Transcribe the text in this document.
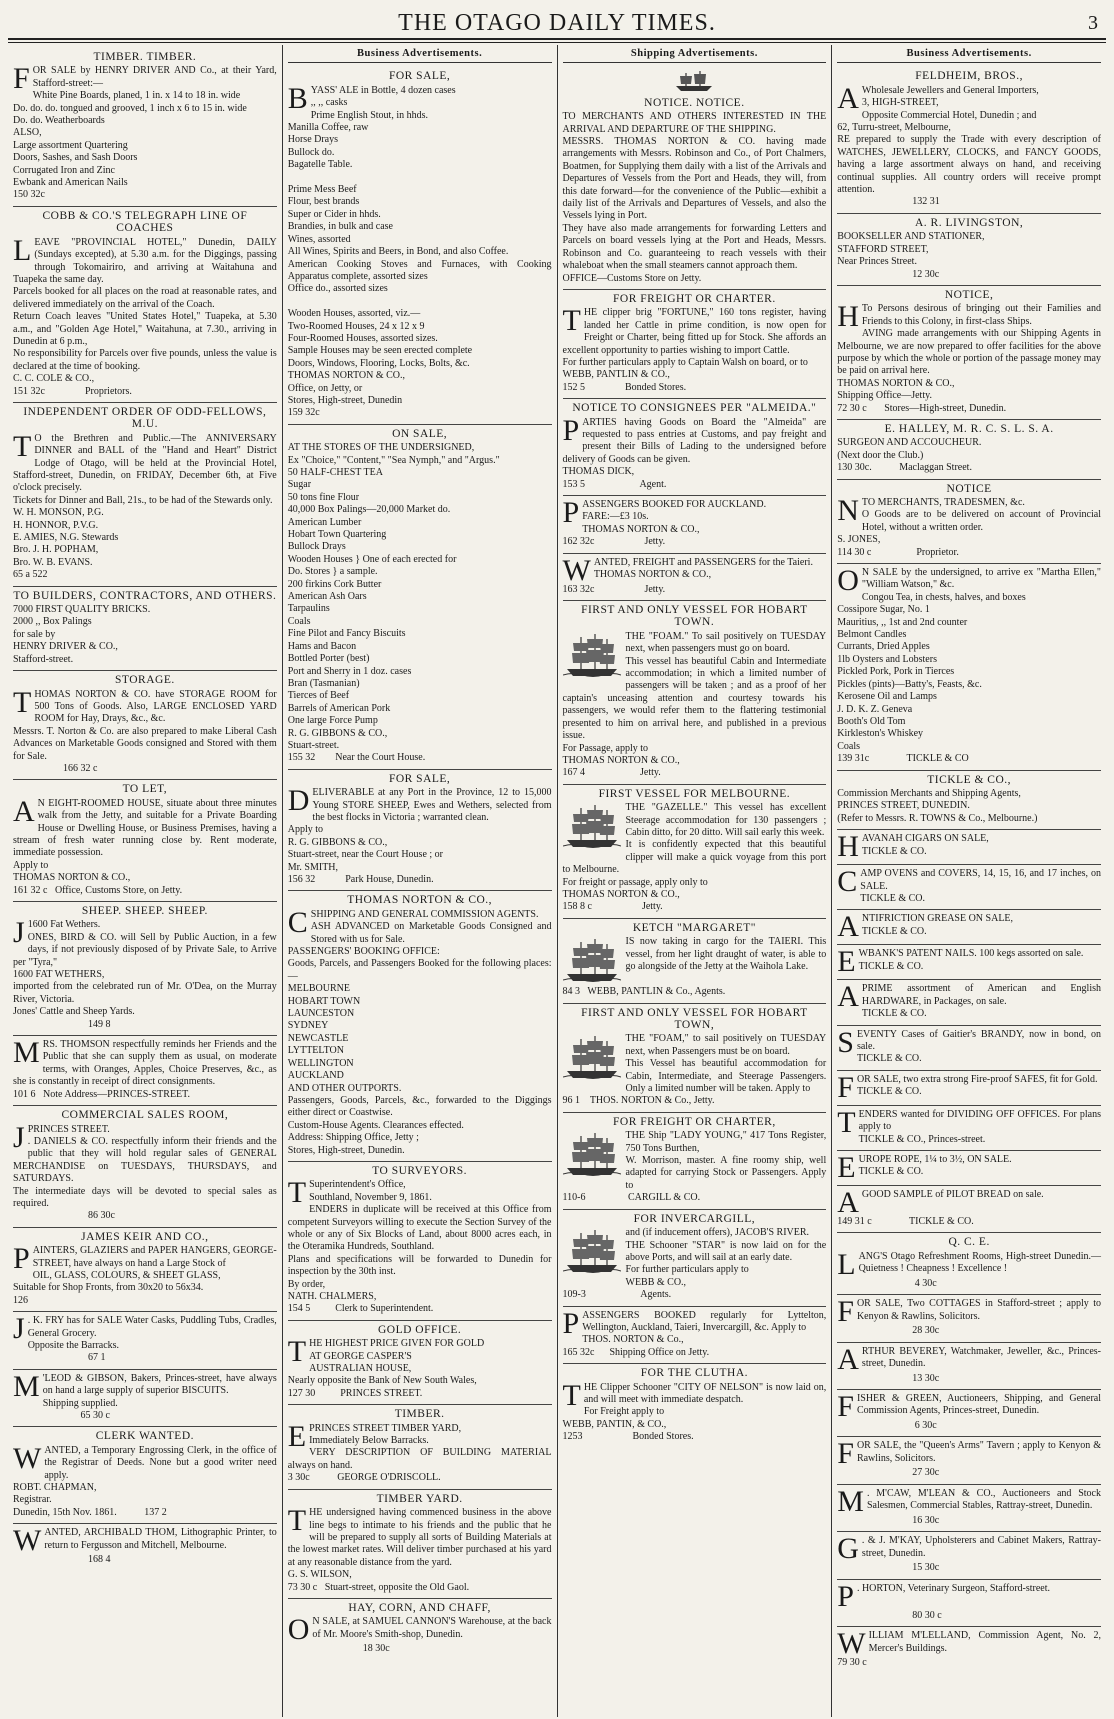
THE OTAGO DAILY TIMES.	3
TIMBER. TIMBER.
F OR SALE by HENRY DRIVER AND Co., at their Yard, Stafford-street:—
White Pine Boards, planed, 1 in. x 14 to 18 in. wide
Do. do. do. tongued and grooved, 1 inch x 6 to 15 in. wide
Do. do. Weatherboards
ALSO,
Large assortment Quartering
Doors, Sashes, and Sash Doors
Corrugated Iron and Zinc
Ewbank and American Nails
150 32c
COBB & CO.'S TELEGRAPH LINE OF COACHES
L EAVE "PROVINCIAL HOTEL," Dunedin, DAILY (Sundays excepted), at 5.30 a.m. for the Diggings, passing through Tokomairiro, and arriving at Waitahuna and Tuapeka the same day.
Parcels booked for all places on the road at reasonable rates, and delivered immediately on the arrival of the Coach.
Return Coach leaves "United States Hotel," Tuapeka, at 5.30 a.m., and "Golden Age Hotel," Waitahuna, at 7.30., arriving in Dunedin at 6 p.m.,
No responsibility for Parcels over five pounds, unless the value is declared at the time of booking.
C. C. COLE & CO.,
151 32c                Proprietors.
INDEPENDENT ORDER OF ODD-FELLOWS, M.U.
T O the Brethren and Public.—The ANNIVERSARY DINNER and BALL of the "Hand and Heart" District Lodge of Otago, will be held at the Provincial Hotel, Stafford-street, Dunedin, on FRIDAY, December 6th, at Five o'clock precisely.
Tickets for Dinner and Ball, 21s., to be had of the Stewards only.
W. H. MONSON, P.G.
H. HONNOR, P.V.G.
E. AMIES, N.G. Stewards
Bro. J. H. POPHAM,
Bro. W. B. EVANS.
65 a 522
TO BUILDERS, CONTRACTORS, AND OTHERS.
7000 FIRST QUALITY BRICKS.
2000 ,, Box Palings
for sale by
HENRY DRIVER & CO.,
Stafford-street.
STORAGE.
T HOMAS NORTON & CO. have STORAGE ROOM for 500 Tons of Goods. Also, LARGE ENCLOSED YARD ROOM for Hay, Drays, &c., &c.
Messrs. T. Norton & Co. are also prepared to make Liberal Cash Advances on Marketable Goods consigned and Stored with them for Sale.
166 32 c
TO LET,
A N EIGHT-ROOMED HOUSE, situate about three minutes walk from the Jetty, and suitable for a Private Boarding House or Dwelling House, or Business Premises, having a stream of fresh water running close by. Rent moderate, immediate possession.
Apply to
THOMAS NORTON & CO.,
161 32 c   Office, Customs Store, on Jetty.
SHEEP. SHEEP. SHEEP.
J 1600 Fat Wethers.
ONES, BIRD & CO. will Sell by Public Auction, in a few days, if not previously disposed of by Private Sale, to Arrive per "Tyra,"
1600 FAT WETHERS,
imported from the celebrated run of Mr. O'Dea, on the Murray River, Victoria.
Jones' Cattle and Sheep Yards.
149 8
M RS. THOMSON respectfully reminds her Friends and the Public that she can supply them as usual, on moderate terms, with Oranges, Apples, Choice Preserves, &c., as she is constantly in receipt of direct consignments.
101 6   Note Address—PRINCES-STREET.
COMMERCIAL SALES ROOM,
J PRINCES STREET.
. DANIELS & CO. respectfully inform their friends and the public that they will hold regular sales of GENERAL MERCHANDISE on TUESDAYS, THURSDAYS, and SATURDAYS.
The intermediate days will be devoted to special sales as required.
86 30c
JAMES KEIR AND CO.,
P AINTERS, GLAZIERS and PAPER HANGERS, GEORGE-STREET, have always on hand a Large Stock of
OIL, GLASS, COLOURS, & SHEET GLASS,
Suitable for Shop Fronts, from 30x20 to 56x34.
126
J . K. FRY has for SALE Water Casks, Puddling Tubs, Cradles, General Grocery.
Opposite the Barracks.
67 1
M 'LEOD & GIBSON, Bakers, Princes-street, have always on hand a large supply of superior BISCUITS.
Shipping supplied.
65 30 c
CLERK WANTED.
W ANTED, a Temporary Engrossing Clerk, in the office of the Registrar of Deeds. None but a good writer need apply.
ROBT. CHAPMAN,
Registrar.
Dunedin, 15th Nov. 1861.           137 2
W ANTED, ARCHIBALD THOM, Lithographic Printer, to return to Fergusson and Mitchell, Melbourne.
168 4
Business Advertisements.
FOR SALE,
B YASS' ALE in Bottle, 4 dozen cases
,, ,, casks
Prime English Stout, in hhds.
Manilla Coffee, raw
Horse Drays
Bullock do.
Bagatelle Table.

Prime Mess Beef
Flour, best brands
Super or Cider in hhds.
Brandies, in bulk and case
Wines, assorted
All Wines, Spirits and Beers, in Bond, and also Coffee.
American Cooking Stoves and Furnaces, with Cooking Apparatus complete, assorted sizes
Office do., assorted sizes

Wooden Houses, assorted, viz.—
Two-Roomed Houses, 24 x 12 x 9
Four-Roomed Houses, assorted sizes.
Sample Houses may be seen erected complete
Doors, Windows, Flooring, Locks, Bolts, &c.
THOMAS NORTON & CO.,
Office, on Jetty, or
Stores, High-street, Dunedin
159 32c
ON SALE,
AT THE STORES OF THE UNDERSIGNED,
Ex "Choice," "Content," "Sea Nymph," and "Argus."
50 HALF-CHEST TEA
Sugar
50 tons fine Flour
40,000 Box Palings—20,000 Market do.
American Lumber
Hobart Town Quartering
Bullock Drays
Wooden Houses } One of each erected for
Do. Stores } a sample.
200 firkins Cork Butter
American Ash Oars
Tarpaulins
Coals
Fine Pilot and Fancy Biscuits
Hams and Bacon
Bottled Porter (best)
Port and Sherry in 1 doz. cases
Bran (Tasmanian)
Tierces of Beef
Barrels of American Pork
One large Force Pump
R. G. GIBBONS & CO.,
Stuart-street.
155 32        Near the Court House.
FOR SALE,
D ELIVERABLE at any Port in the Province, 12 to 15,000 Young STORE SHEEP, Ewes and Wethers, selected from the best flocks in Victoria ; warranted clean.
Apply to
R. G. GIBBONS & CO.,
Stuart-street, near the Court House ; or
Mr. SMITH,
156 32            Park House, Dunedin.
THOMAS NORTON & CO.,
C SHIPPING AND GENERAL COMMISSION AGENTS.
ASH ADVANCED on Marketable Goods Consigned and Stored with us for Sale.
PASSENGERS' BOOKING OFFICE:
Goods, Parcels, and Passengers Booked for the following places:—
MELBOURNE
HOBART TOWN
LAUNCESTON
SYDNEY
NEWCASTLE
LYTTELTON
WELLINGTON
AUCKLAND
AND OTHER OUTPORTS.
Passengers, Goods, Parcels, &c., forwarded to the Diggings either direct or Coastwise.
Custom-House Agents. Clearances effected.
Address: Shipping Office, Jetty ;
Stores, High-street, Dunedin.
TO SURVEYORS.
T Superintendent's Office,
Southland, November 9, 1861.
ENDERS in duplicate will be received at this Office from competent Surveyors willing to execute the Section Survey of the whole or any of Six Blocks of Land, about 8000 acres each, in the Oteramika Hundreds, Southland.
Plans and specifications will be forwarded to Dunedin for inspection by the 30th inst.
By order,
NATH. CHALMERS,
154 5          Clerk to Superintendent.
GOLD OFFICE.
T HE HIGHEST PRICE GIVEN FOR GOLD
AT GEORGE CASPER'S
AUSTRALIAN HOUSE,
Nearly opposite the Bank of New South Wales,
127 30          PRINCES STREET.
TIMBER.
E PRINCES STREET TIMBER YARD,
Immediately Below Barracks.
VERY DESCRIPTION OF BUILDING MATERIAL always on hand.
3 30c           GEORGE O'DRISCOLL.
TIMBER YARD.
T HE undersigned having commenced business in the above line begs to intimate to his friends and the public that he will be prepared to supply all sorts of Building Materials at the lowest market rates. Will deliver timber purchased at his yard at any reasonable distance from the yard.
G. S. WILSON,
73 30 c   Stuart-street, opposite the Old Gaol.
HAY, CORN, AND CHAFF,
O N SALE, at SAMUEL CANNON'S Warehouse, at the back of Mr. Moore's Smith-shop, Dunedin.
18 30c
Shipping Advertisements.
NOTICE. NOTICE.
TO MERCHANTS AND OTHERS INTERESTED IN THE ARRIVAL AND DEPARTURE OF THE SHIPPING.
MESSRS. THOMAS NORTON & CO. having made arrangements with Messrs. Robinson and Co., of Port Chalmers, Boatmen, for Supplying them daily with a list of the Arrivals and Departures of Vessels from the Port and Heads, they will, from this date forward—for the convenience of the Public—exhibit a daily list of the Arrivals and Departures of Vessels, and also the Vessels lying in Port.
They have also made arrangements for forwarding Letters and Parcels on board vessels lying at the Port and Heads, Messrs. Robinson and Co. guaranteeing to reach vessels with their whaleboat when the small steamers cannot approach them.
OFFICE—Customs Store on Jetty.
FOR FREIGHT OR CHARTER.
T HE clipper brig "FORTUNE," 160 tons register, having landed her Cattle in prime condition, is now open for Freight or Charter, being fitted up for Stock. She affords an excellent opportunity to parties wishing to import Cattle.
For further particulars apply to Captain Walsh on board, or to
WEBB, PANTLIN & CO.,
152 5                Bonded Stores.
NOTICE TO CONSIGNEES PER "ALMEIDA."
P ARTIES having Goods on Board the "Almeida" are requested to pass entries at Customs, and pay freight and present their Bills of Lading to the undersigned before delivery of Goods can be given.
THOMAS DICK,
153 5                      Agent.
P ASSENGERS BOOKED FOR AUCKLAND.
FARE:—£3 10s.
THOMAS NORTON & CO.,
162 32c                    Jetty.
W ANTED, FREIGHT and PASSENGERS for the Taieri.
THOMAS NORTON & CO.,
163 32c                    Jetty.
FIRST AND ONLY VESSEL FOR HOBART TOWN.
THE "FOAM." To sail positively on TUESDAY next, when passengers must go on board.
This vessel has beautiful Cabin and Intermediate accommodation; in which a limited number of passengers will be taken ; and as a proof of her captain's unceasing attention and courtesy towards his passengers, we would refer them to the flattering testimonial presented to him on arrival here, and published in a previous issue.
For Passage, apply to
THOMAS NORTON & CO.,
167 4                      Jetty.
FIRST VESSEL FOR MELBOURNE.
THE "GAZELLE." This vessel has excellent Steerage accommodation for 130 passengers ; Cabin ditto, for 20 ditto. Will sail early this week.
It is confidently expected that this beautiful clipper will make a quick voyage from this port to Melbourne.
For freight or passage, apply only to
THOMAS NORTON & CO.,
158 8 c                    Jetty.
KETCH "MARGARET"
IS now taking in cargo for the TAIERI. This vessel, from her light draught of water, is able to go alongside of the Jetty at the Waihola Lake.
84 3   WEBB, PANTLIN & Co., Agents.
FIRST AND ONLY VESSEL FOR HOBART TOWN,
THE "FOAM," to sail positively on TUESDAY next, when Passengers must be on board.
This Vessel has beautiful accommodation for Cabin, Intermediate, and Steerage Passengers. Only a limited number will be taken. Apply to
96 1    THOS. NORTON & Co., Jetty.
FOR FREIGHT OR CHARTER,
THE Ship "LADY YOUNG," 417 Tons Register, 750 Tons Burthen,
W. Morrison, master. A fine roomy ship, well adapted for carrying Stock or Passengers. Apply to
110-6                 CARGILL & CO.
FOR INVERCARGILL,
and (if inducement offers), JACOB'S RIVER.
THE Schooner "STAR" is now laid on for the above Ports, and will sail at an early date.
For further particulars apply to
WEBB & CO.,
109-3                      Agents.
P ASSENGERS BOOKED regularly for Lyttelton, Wellington, Auckland, Taieri, Invercargill, &c. Apply to
THOS. NORTON & Co.,
165 32c      Shipping Office on Jetty.
FOR THE CLUTHA.
T HE Clipper Schooner "CITY OF NELSON" is now laid on, and will meet with immediate despatch.
For Freight apply to
WEBB, PANTIN, & CO.,
1253                    Bonded Stores.
Business Advertisements.
FELDHEIM, BROS.,
A Wholesale Jewellers and General Importers,
3, HIGH-STREET,
Opposite Commercial Hotel, Dunedin ; and
62, Turru-street, Melbourne,
RE prepared to supply the Trade with every description of WATCHES, JEWELLERY, CLOCKS, and FANCY GOODS, having a large assortment always on hand, and receiving continual supplies. All country orders will receive prompt attention.
132 31
A. R. LIVINGSTON,
BOOKSELLER AND STATIONER,
STAFFORD STREET,
Near Princes Street.
12 30c
NOTICE,
H To Persons desirous of bringing out their Families and Friends to this Colony, in first-class Ships.
AVING made arrangements with our Shipping Agents in Melbourne, we are now prepared to offer facilities for the above purpose by which the whole or portion of the passage money may be paid on arrival here.
THOMAS NORTON & CO.,
Shipping Office—Jetty.
72 30 c       Stores—High-street, Dunedin.
E. HALLEY, M. R. C. S. L. S. A.
SURGEON AND ACCOUCHEUR.
(Next door the Club.)
130 30c.           Maclaggan Street.
NOTICE
N TO MERCHANTS, TRADESMEN, &c.
O Goods are to be delivered on account of Provincial Hotel, without a written order.
S. JONES,
114 30 c                  Proprietor.
O N SALE by the undersigned, to arrive ex "Martha Ellen," "William Watson," &c.
Congou Tea, in chests, halves, and boxes
Cossipore Sugar, No. 1
Mauritius, ,, 1st and 2nd counter
Belmont Candles
Currants, Dried Apples
1lb Oysters and Lobsters
Pickled Pork, Pork in Tierces
Pickles (pints)—Batty's, Feasts, &c.
Kerosene Oil and Lamps
J. D. K. Z. Geneva
Booth's Old Tom
Kirkleston's Whiskey
Coals
139 31c               TICKLE & CO
TICKLE & CO.,
Commission Merchants and Shipping Agents,
PRINCES STREET, DUNEDIN.
(Refer to Messrs. R. TOWNS & Co., Melbourne.)
H AVANAH CIGARS ON SALE,
TICKLE & CO.
C AMP OVENS and COVERS, 14, 15, 16, and 17 inches, on SALE.
TICKLE & CO.
A NTIFRICTION GREASE ON SALE,
TICKLE & CO.
E WBANK'S PATENT NAILS. 100 kegs assorted on sale.
TICKLE & CO.
A PRIME assortment of American and English HARDWARE, in Packages, on sale.
TICKLE & CO.
S EVENTY Cases of Gaitier's BRANDY, now in bond, on sale.
TICKLE & CO.
F OR SALE, two extra strong Fire-proof SAFES, fit for Gold.
TICKLE & CO.
T ENDERS wanted for DIVIDING OFF OFFICES. For plans apply to
TICKLE & CO., Princes-street.
E UROPE ROPE, 1¼ to 3½, ON SALE.
TICKLE & CO.
A GOOD SAMPLE of PILOT BREAD on sale.
149 31 c               TICKLE & CO.
Q. C. E.
L ANG'S Otago Refreshment Rooms, High-street Dunedin.—Quietness ! Cheapness ! Excellence !
4 30c
F OR SALE, Two COTTAGES in Stafford-street ; apply to Kenyon & Rawlins, Solicitors.
28 30c
A RTHUR BEVEREY, Watchmaker, Jeweller, &c., Princes-street, Dunedin.
13 30c
F ISHER & GREEN, Auctioneers, Shipping, and General Commission Agents, Princes-street, Dunedin.
6 30c
F OR SALE, the "Queen's Arms" Tavern ; apply to Kenyon & Rawlins, Solicitors.
27 30c
M . M'CAW, M'LEAN & CO., Auctioneers and Stock Salesmen, Commercial Stables, Rattray-street, Dunedin.
16 30c
G . & J. M'KAY, Upholsterers and Cabinet Makers, Rattray-street, Dunedin.
15 30c
P . HORTON, Veterinary Surgeon, Stafford-street.
80 30 c
W ILLIAM M'LELLAND, Commission Agent, No. 2, Mercer's Buildings.
79 30 c
